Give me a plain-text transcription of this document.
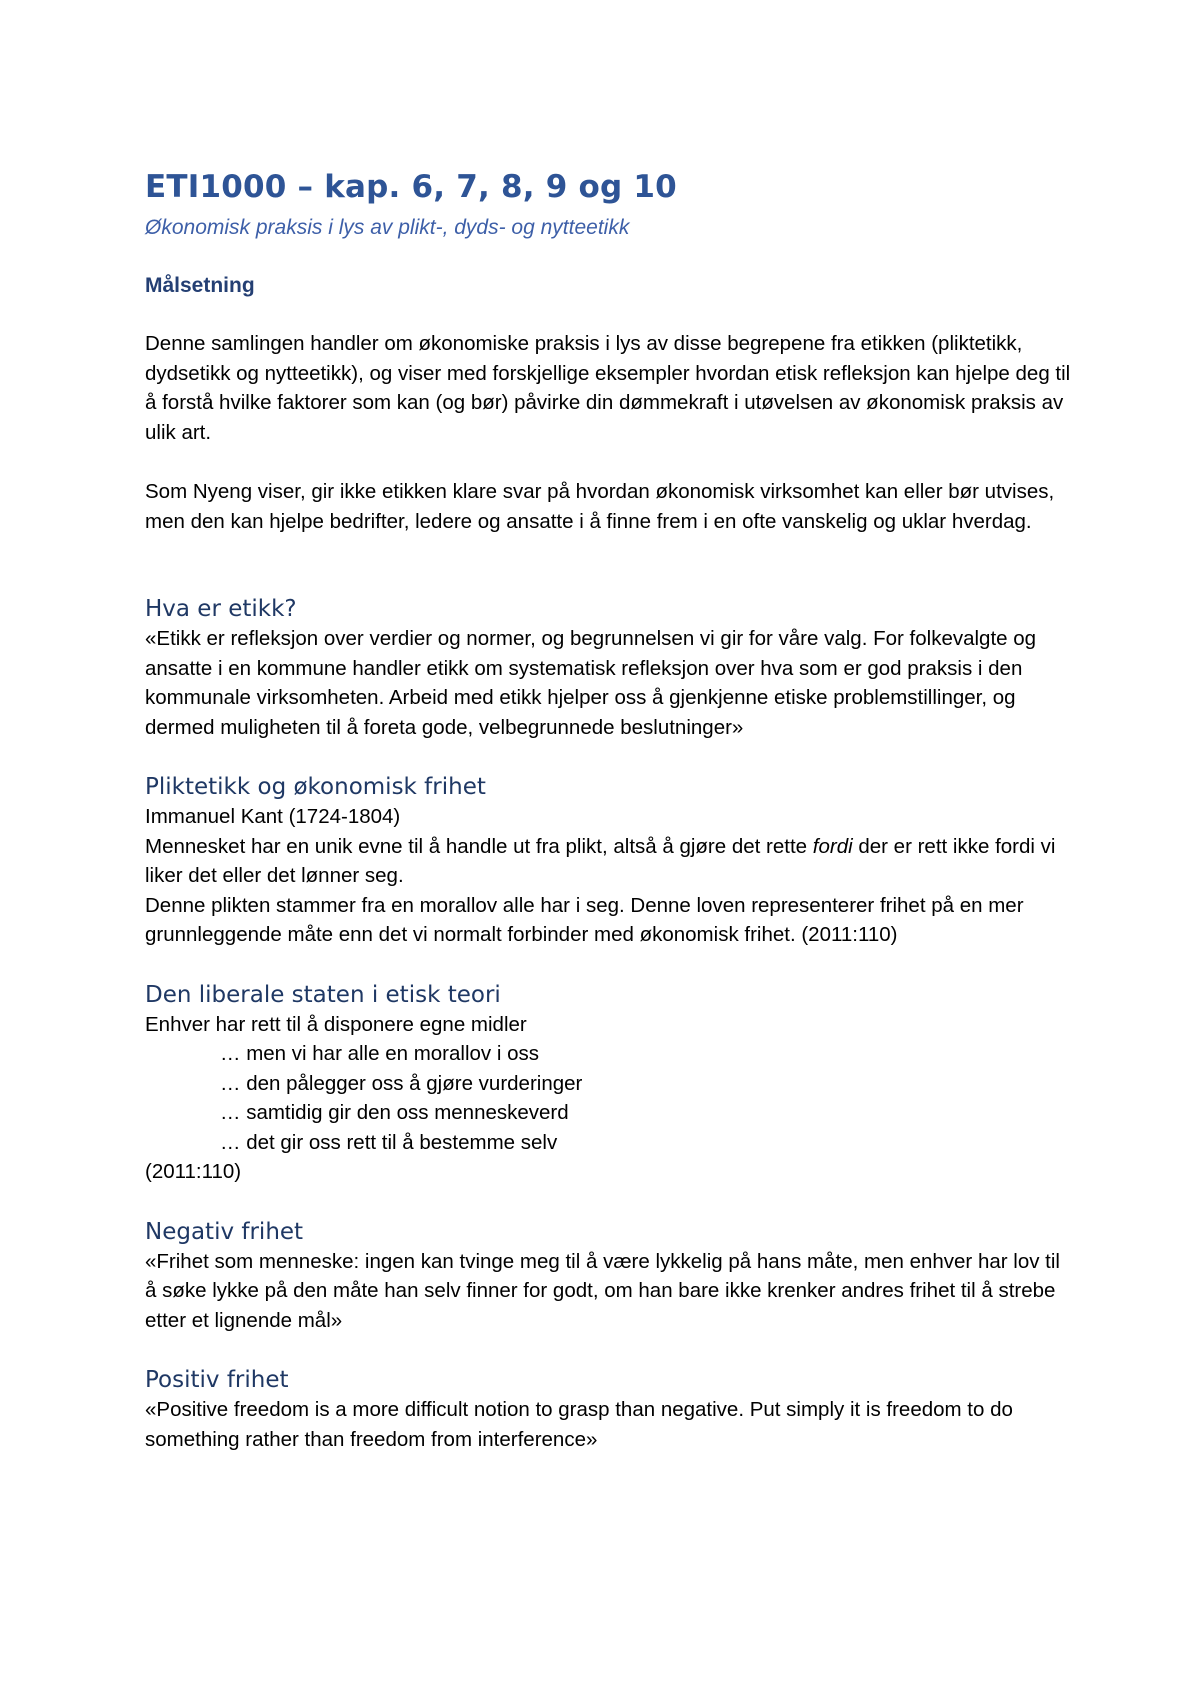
ETI1000 – kap. 6, 7, 8, 9 og 10
Økonomisk praksis i lys av plikt-, dyds- og nytteetikk
Målsetning

Denne samlingen handler om økonomiske praksis i lys av disse begrepene fra etikken (pliktetikk, dydsetikk og nytteetikk), og viser med forskjellige eksempler hvordan etisk refleksjon kan hjelpe deg til å forstå hvilke faktorer som kan (og bør) påvirke din dømmekraft i utøvelsen av økonomisk praksis av ulik art.

Som Nyeng viser, gir ikke etikken klare svar på hvordan økonomisk virksomhet kan eller bør utvises, men den kan hjelpe bedrifter, ledere og ansatte i å finne frem i en ofte vanskelig og uklar hverdag.

Hva er etikk?

«Etikk er refleksjon over verdier og normer, og begrunnelsen vi gir for våre valg. For folkevalgte og ansatte i en kommune handler etikk om systematisk refleksjon over hva som er god praksis i den kommunale virksomheten. Arbeid med etikk hjelper oss å gjenkjenne etiske problemstillinger, og dermed muligheten til å foreta gode, velbegrunnede beslutninger»

Pliktetikk og økonomisk frihet

Immanuel Kant (1724-1804)

Mennesket har en unik evne til å handle ut fra plikt, altså å gjøre det rette fordi der er rett ikke fordi vi liker det eller det lønner seg.

Denne plikten stammer fra en morallov alle har i seg. Denne loven representerer frihet på en mer grunnleggende måte enn det vi normalt forbinder med økonomisk frihet. (2011:110)

Den liberale staten i etisk teori

Enhver har rett til å disponere egne midler

… men vi har alle en morallov i oss

… den pålegger oss å gjøre vurderinger

… samtidig gir den oss menneskeverd

… det gir oss rett til å bestemme selv

(2011:110)

Negativ frihet

«Frihet som menneske: ingen kan tvinge meg til å være lykkelig på hans måte, men enhver har lov til å søke lykke på den måte han selv finner for godt, om han bare ikke krenker andres frihet til å strebe etter et lignende mål»

Positiv frihet

«Positive freedom is a more difficult notion to grasp than negative. Put simply it is freedom to do something rather than freedom from interference»
